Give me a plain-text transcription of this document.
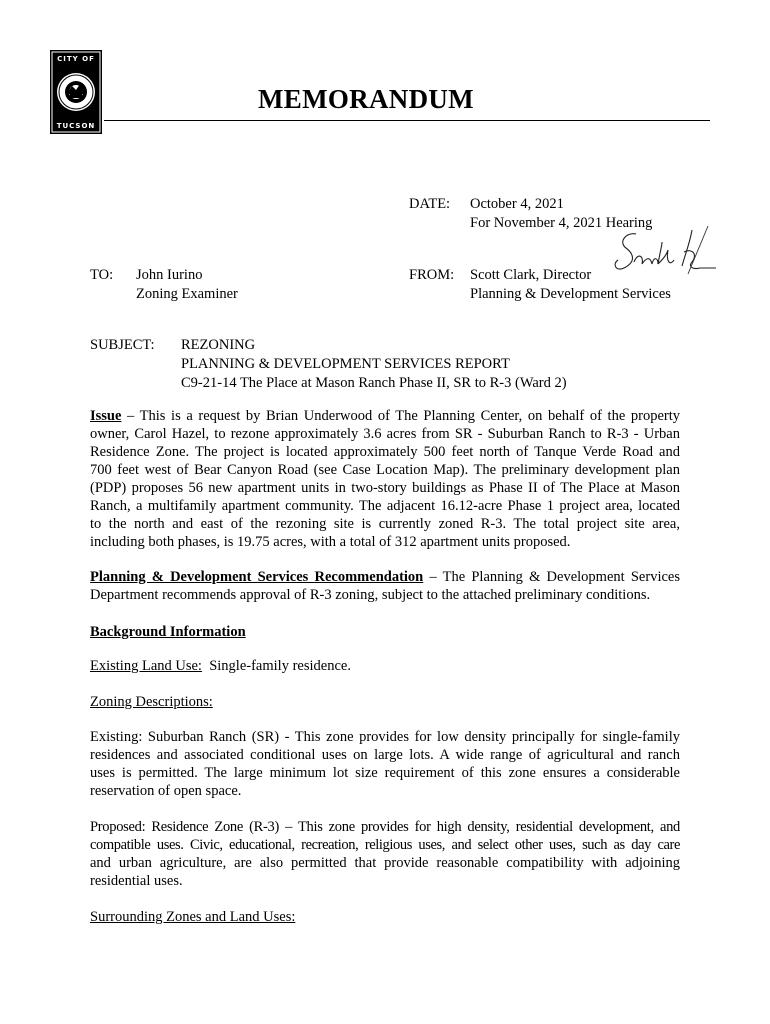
CITY OF
TUCSON
MEMORANDUM
DATE: October 4, 2021
For November 4, 2021 Hearing
TO: John Iurino
Zoning Examiner
FROM: Scott Clark, Director
Planning & Development Services
SUBJECT: REZONING
PLANNING & DEVELOPMENT SERVICES REPORT
C9-21-14 The Place at Mason Ranch Phase II, SR to R-3 (Ward 2)
Issue – This is a request by Brian Underwood of The Planning Center, on behalf of the property
owner, Carol Hazel, to rezone approximately 3.6 acres from SR - Suburban Ranch to R-3 - Urban
Residence Zone. The project is located approximately 500 feet north of Tanque Verde Road and
700 feet west of Bear Canyon Road (see Case Location Map). The preliminary development plan
(PDP) proposes 56 new apartment units in two-story buildings as Phase II of The Place at Mason
Ranch, a multifamily apartment community. The adjacent 16.12-acre Phase 1 project area, located
to the north and east of the rezoning site is currently zoned R-3. The total project site area,
including both phases, is 19.75 acres, with a total of 312 apartment units proposed.
Planning & Development Services Recommendation – The Planning & Development Services
Department recommends approval of R-3 zoning, subject to the attached preliminary conditions.
Background Information
Existing Land Use:  Single-family residence.
Zoning Descriptions:
Existing: Suburban Ranch (SR) - This zone provides for low density principally for single-family
residences and associated conditional uses on large lots. A wide range of agricultural and ranch
uses is permitted. The large minimum lot size requirement of this zone ensures a considerable
reservation of open space.
Proposed: Residence Zone (R-3) – This zone provides for high density, residential development, and
compatible uses. Civic, educational, recreation, religious uses, and select other uses, such as day care
and urban agriculture, are also permitted that provide reasonable compatibility with adjoining
residential uses.
Surrounding Zones and Land Uses:
